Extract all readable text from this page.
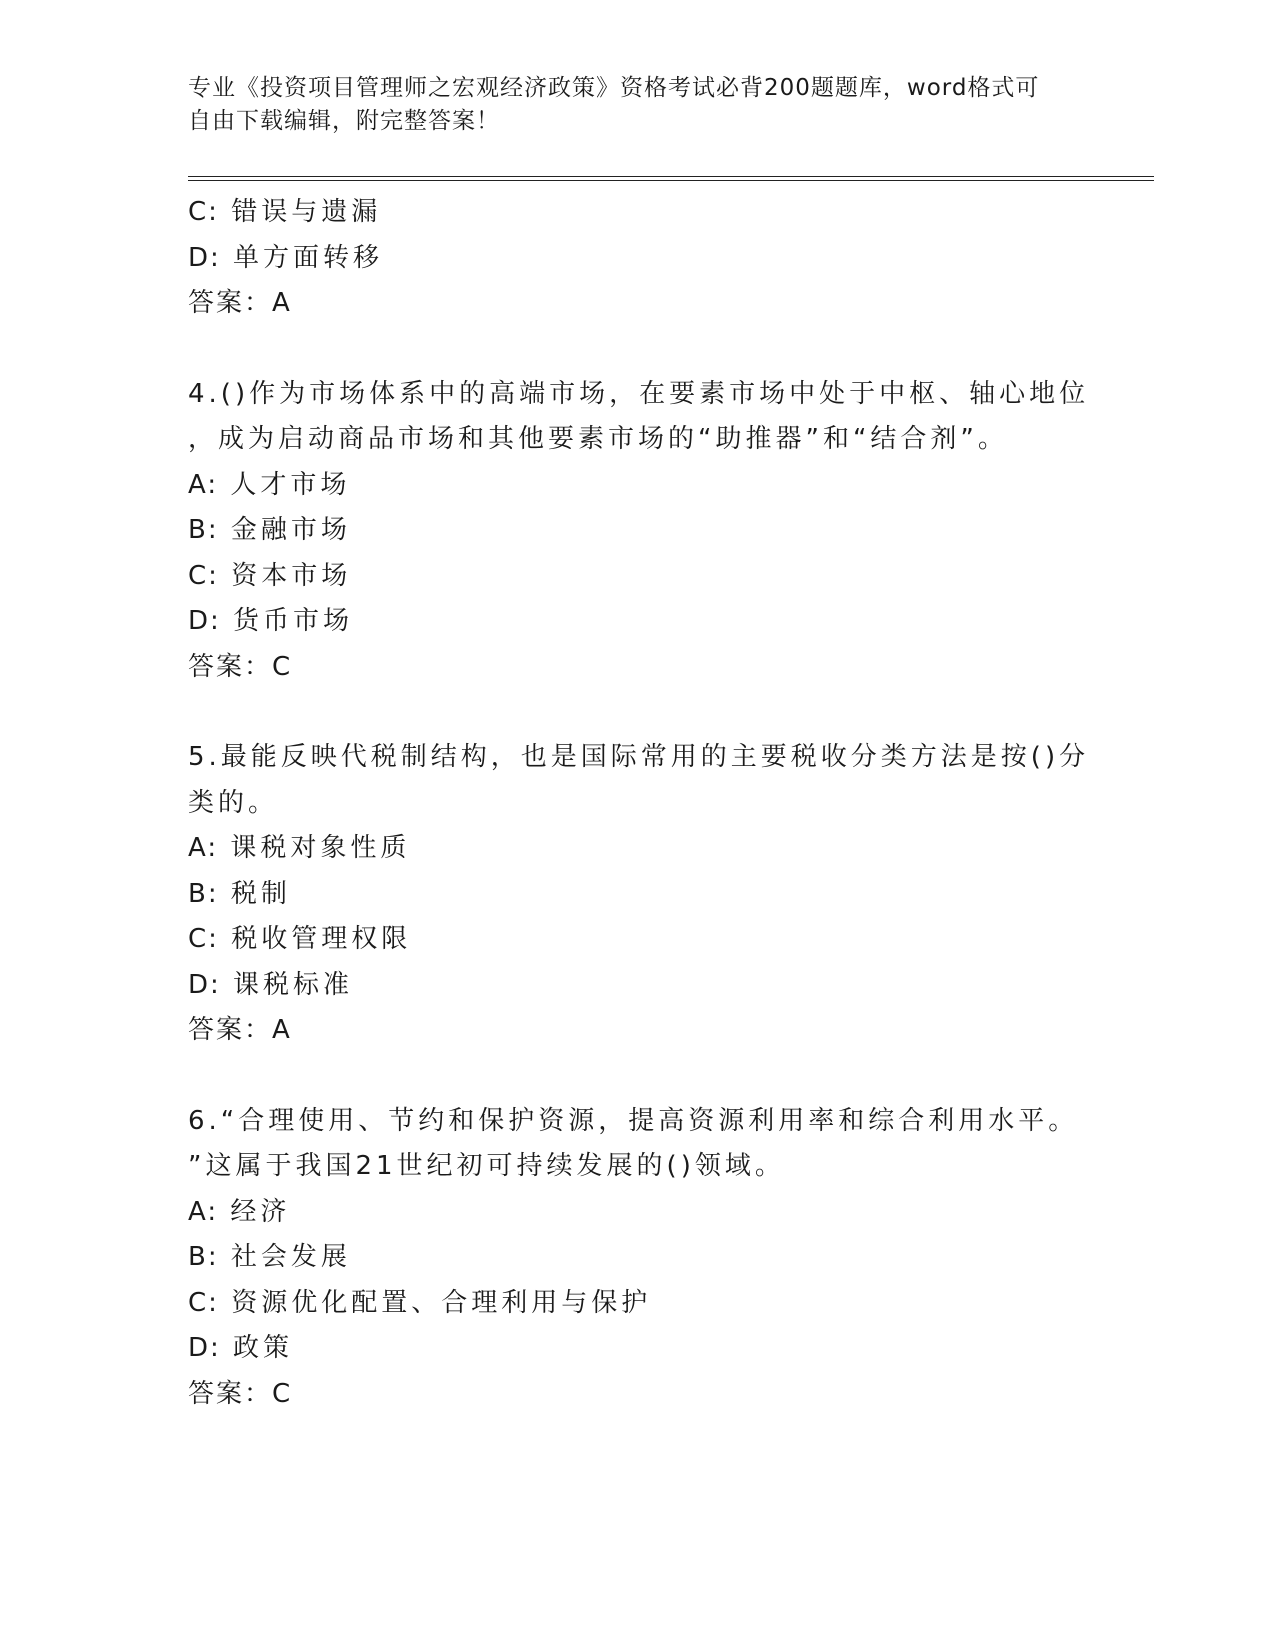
专业《投资项目管理师之宏观经济政策》资格考试必背200题题库，word格式可
自由下载编辑，附完整答案！
C: 错误与遗漏
D: 单方面转移
答案：A
4.()作为市场体系中的高端市场，在要素市场中处于中枢、轴心地位
，成为启动商品市场和其他要素市场的“助推器”和“结合剂”。
A: 人才市场
B: 金融市场
C: 资本市场
D: 货币市场
答案：C
5.最能反映代税制结构，也是国际常用的主要税收分类方法是按()分
类的。
A: 课税对象性质
B: 税制
C: 税收管理权限
D: 课税标准
答案：A
6.“合理使用、节约和保护资源，提高资源利用率和综合利用水平。
”这属于我国21世纪初可持续发展的()领域。
A: 经济
B: 社会发展
C: 资源优化配置、合理利用与保护
D: 政策
答案：C
